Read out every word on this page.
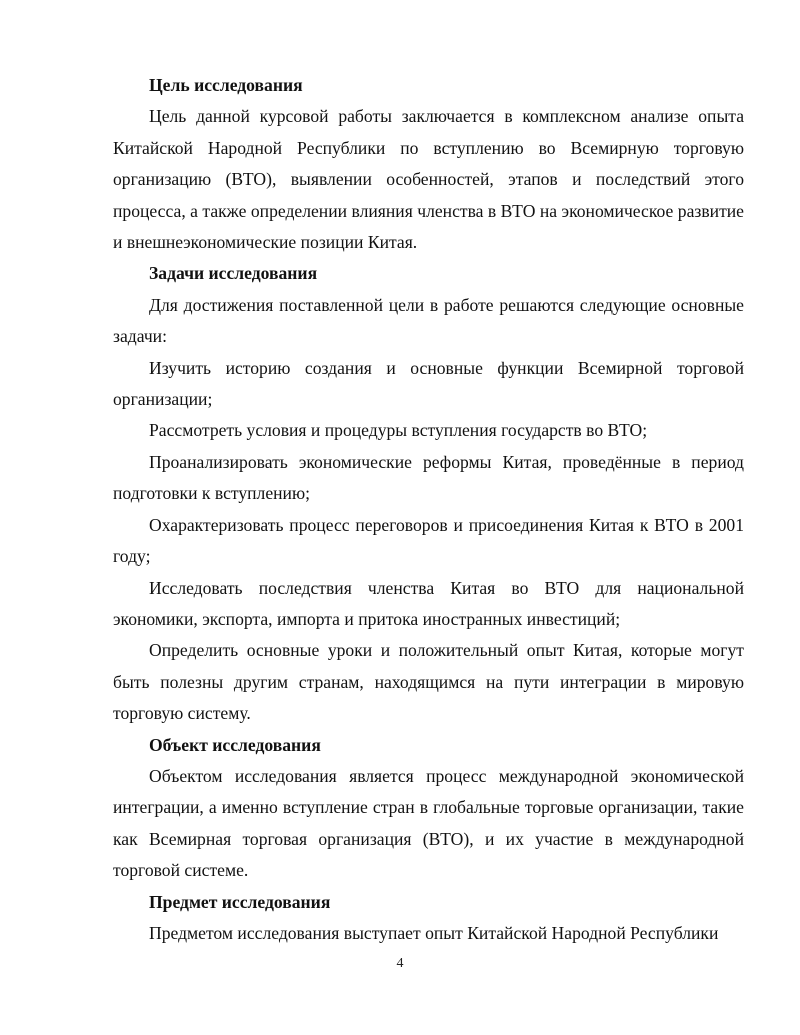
Цель исследования

Цель данной курсовой работы заключается в комплексном анализе опыта Китайской Народной Республики по вступлению во Всемирную торговую организацию (ВТО), выявлении особенностей, этапов и последствий этого процесса, а также определении влияния членства в ВТО на экономическое развитие и внешнеэкономические позиции Китая.

Задачи исследования

Для достижения поставленной цели в работе решаются следующие основные задачи:

Изучить историю создания и основные функции Всемирной торговой организации;

Рассмотреть условия и процедуры вступления государств во ВТО;

Проанализировать экономические реформы Китая, проведённые в период подготовки к вступлению;

Охарактеризовать процесс переговоров и присоединения Китая к ВТО в 2001 году;

Исследовать последствия членства Китая во ВТО для национальной экономики, экспорта, импорта и притока иностранных инвестиций;

Определить основные уроки и положительный опыт Китая, которые могут быть полезны другим странам, находящимся на пути интеграции в мировую торговую систему.

Объект исследования

Объектом исследования является процесс международной экономической интеграции, а именно вступление стран в глобальные торговые организации, такие как Всемирная торговая организация (ВТО), и их участие в международной торговой системе.

Предмет исследования

Предметом исследования выступает опыт Китайской Народной Республики

4
